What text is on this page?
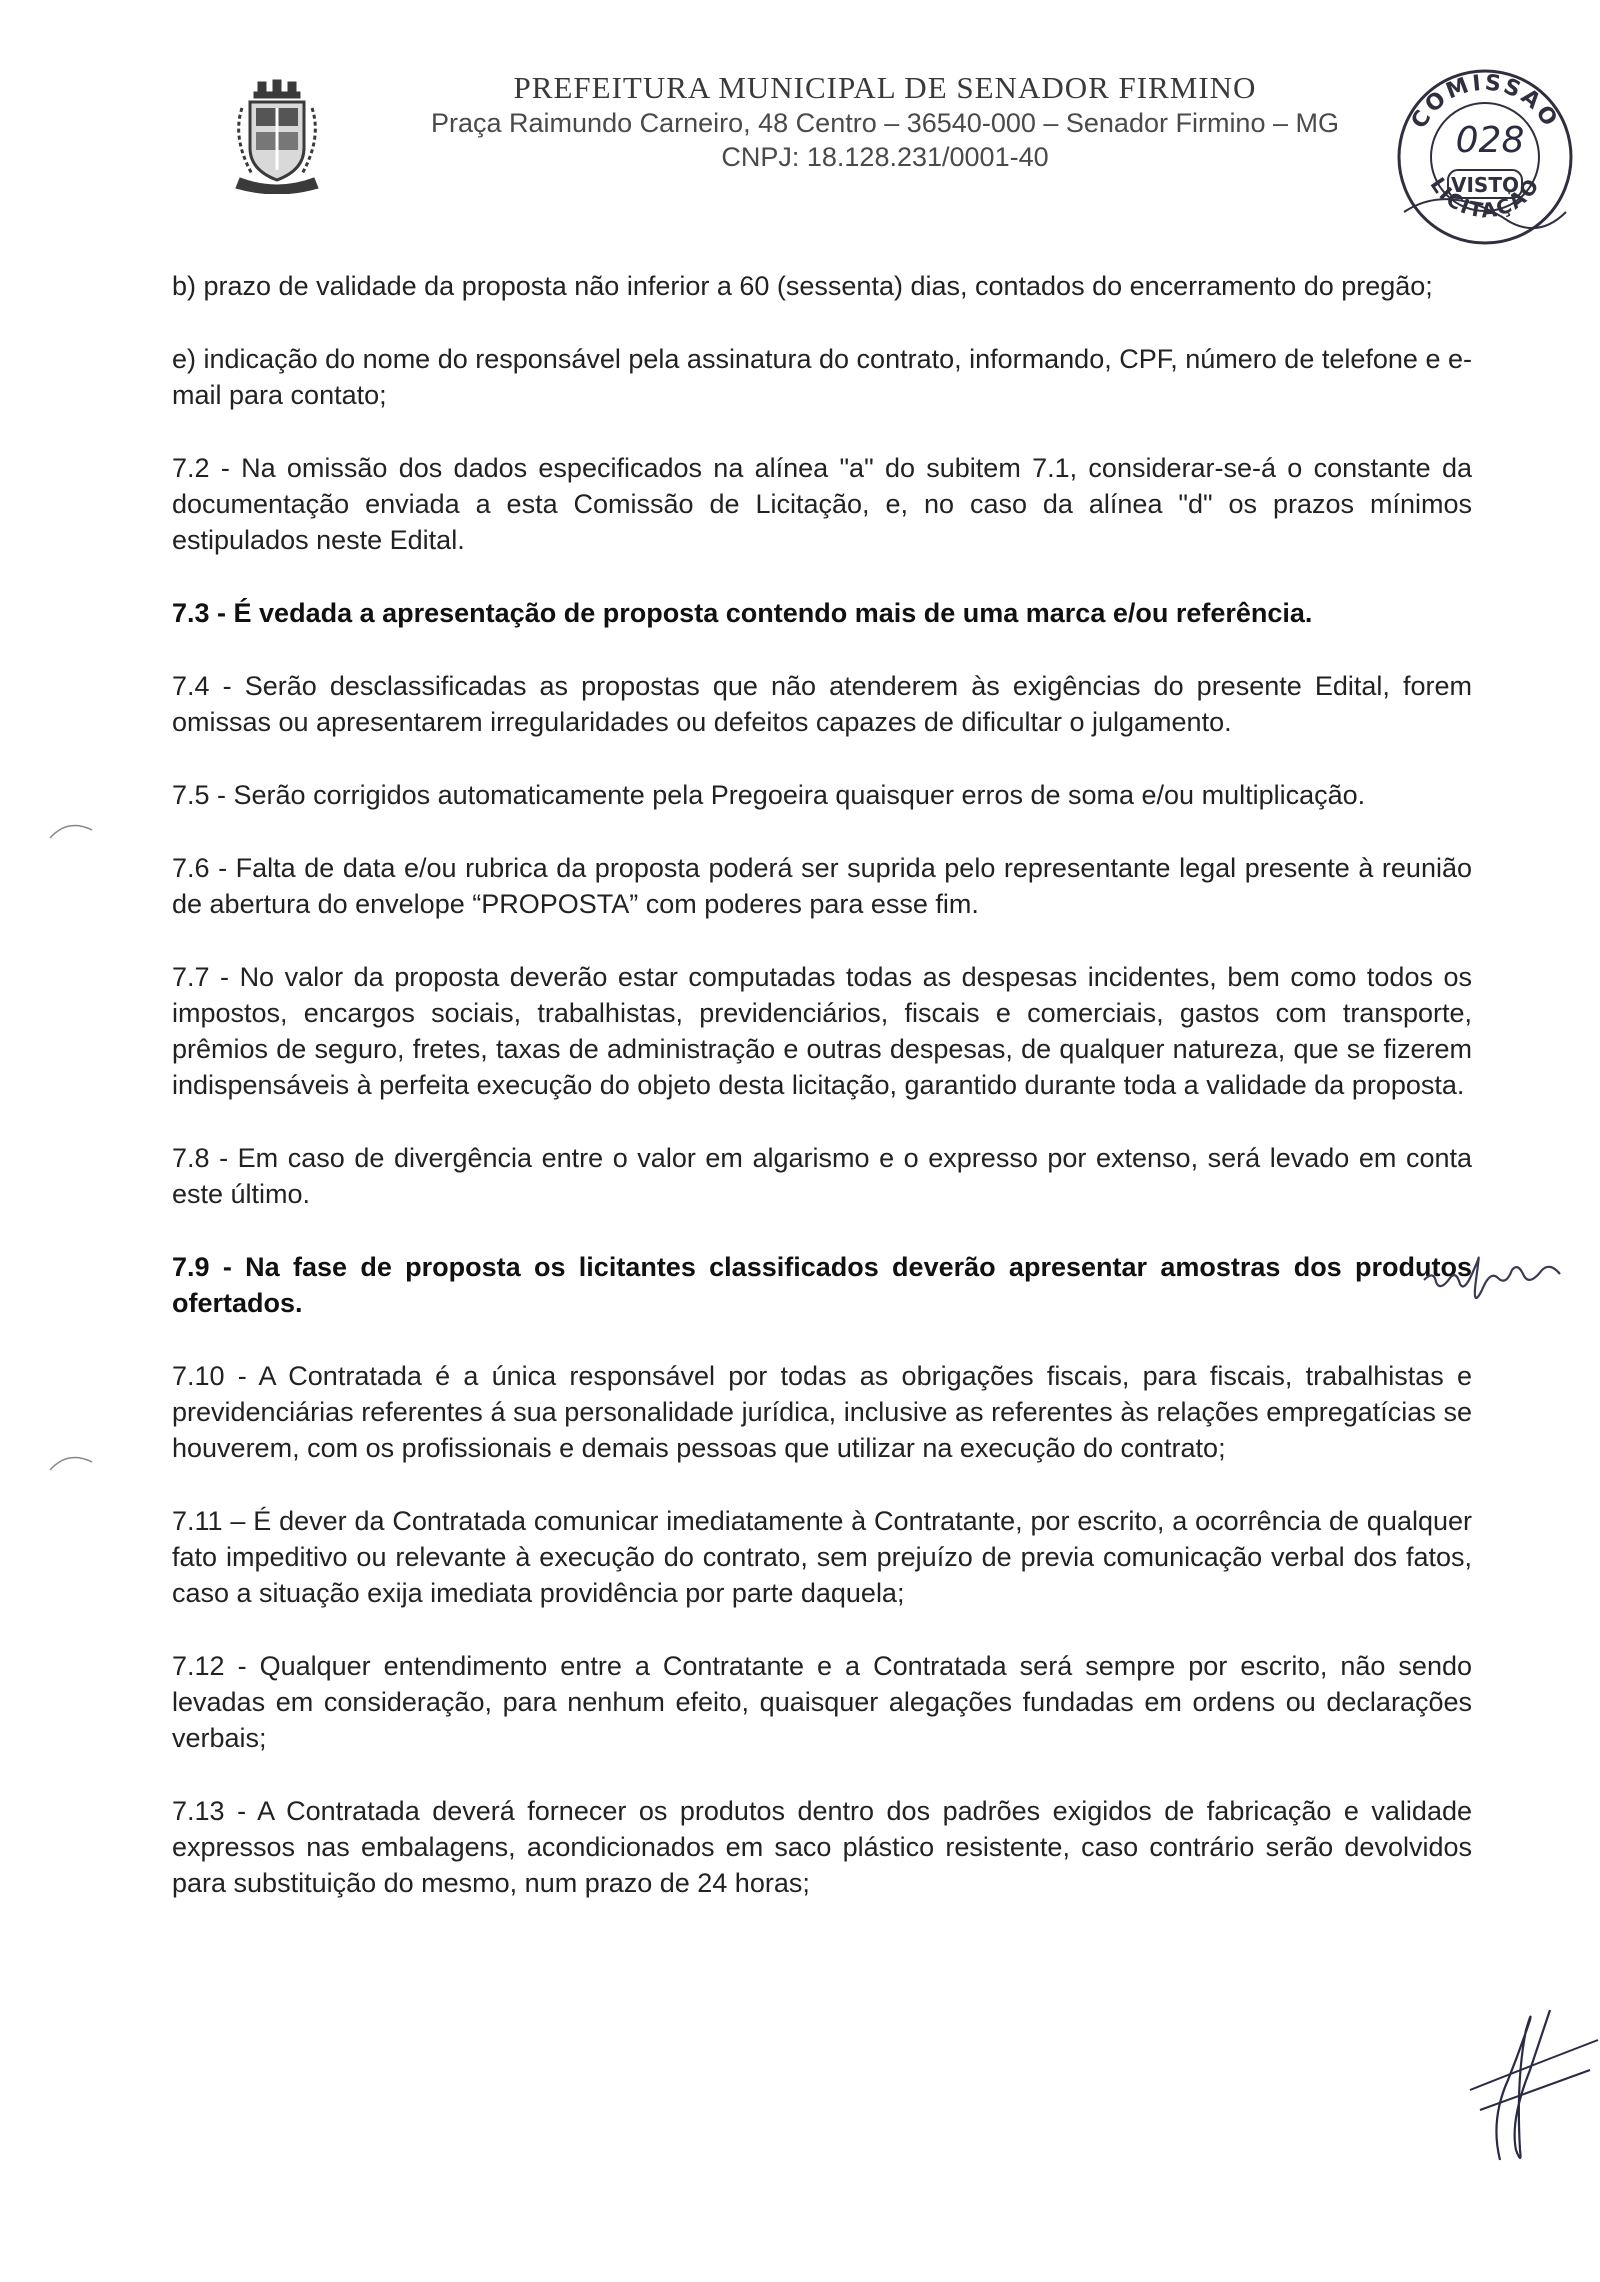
PREFEITURA MUNICIPAL DE SENADOR FIRMINO
Praça Raimundo Carneiro, 48 Centro – 36540-000 – Senador Firmino – MG
CNPJ: 18.128.231/0001-40
COMISSÃO
LICITAÇÃO
VISTO
028

b) prazo de validade da proposta não inferior a 60 (sessenta) dias, contados do encerramento do pregão;

e) indicação do nome do responsável pela assinatura do contrato, informando, CPF, número de telefone e e-mail para contato;

7.2 - Na omissão dos dados especificados na alínea "a" do subitem 7.1, considerar-se-á o constante da documentação enviada a esta Comissão de Licitação, e, no caso da alínea "d" os prazos mínimos estipulados neste Edital.

7.3 - É vedada a apresentação de proposta contendo mais de uma marca e/ou referência.

7.4 - Serão desclassificadas as propostas que não atenderem às exigências do presente Edital, forem omissas ou apresentarem irregularidades ou defeitos capazes de dificultar o julgamento.

7.5 - Serão corrigidos automaticamente pela Pregoeira quaisquer erros de soma e/ou multiplicação.

7.6 - Falta de data e/ou rubrica da proposta poderá ser suprida pelo representante legal presente à reunião de abertura do envelope “PROPOSTA” com poderes para esse fim.

7.7 - No valor da proposta deverão estar computadas todas as despesas incidentes, bem como todos os impostos, encargos sociais, trabalhistas, previdenciários, fiscais e comerciais, gastos com transporte, prêmios de seguro, fretes, taxas de administração e outras despesas, de qualquer natureza, que se fizerem indispensáveis à perfeita execução do objeto desta licitação, garantido durante toda a validade da proposta.

7.8 - Em caso de divergência entre o valor em algarismo e o expresso por extenso, será levado em conta este último.

7.9 - Na fase de proposta os licitantes classificados deverão apresentar amostras dos produtos ofertados.

7.10 - A Contratada é a única responsável por todas as obrigações fiscais, para fiscais, trabalhistas e previdenciárias referentes á sua personalidade jurídica, inclusive as referentes às relações empregatícias se houverem, com os profissionais e demais pessoas que utilizar na execução do contrato;

7.11 – É dever da Contratada comunicar imediatamente à Contratante, por escrito, a ocorrência de qualquer fato impeditivo ou relevante à execução do contrato, sem prejuízo de previa comunicação verbal dos fatos, caso a situação exija imediata providência por parte daquela;

7.12 - Qualquer entendimento entre a Contratante e a Contratada será sempre por escrito, não sendo levadas em consideração, para nenhum efeito, quaisquer alegações fundadas em ordens ou declarações verbais;

7.13 - A Contratada deverá fornecer os produtos dentro dos padrões exigidos de fabricação e validade expressos nas embalagens, acondicionados em saco plástico resistente, caso contrário serão devolvidos para substituição do mesmo, num prazo de 24 horas;
